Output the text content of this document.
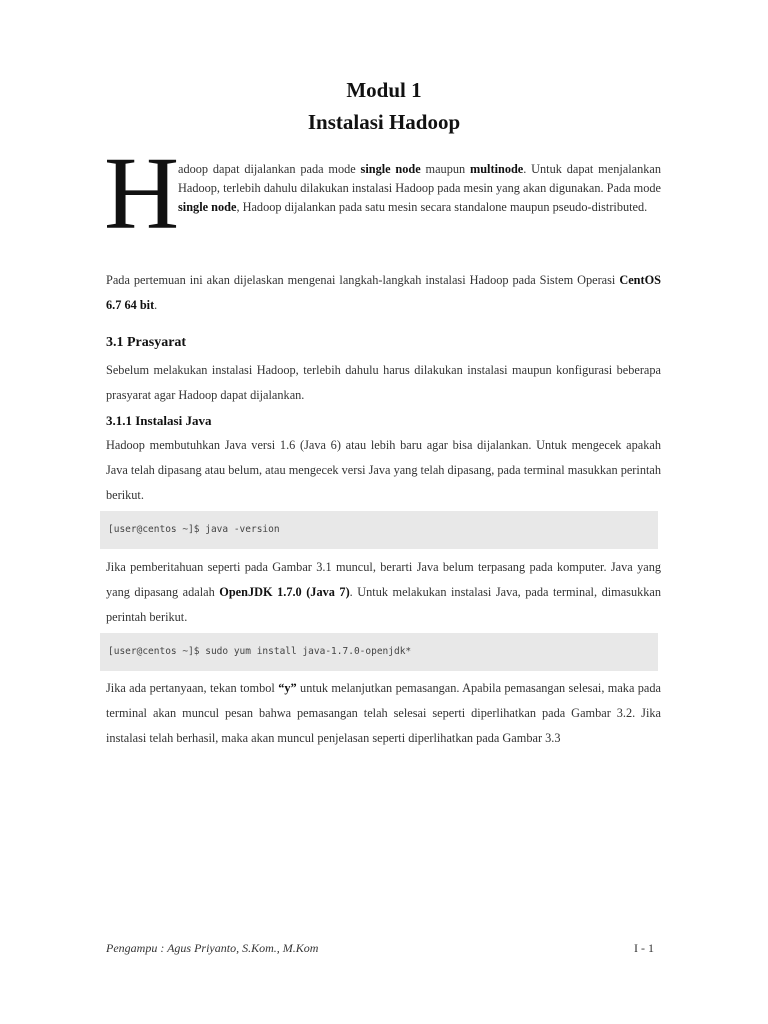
Modul 1
Instalasi Hadoop
H
adoop dapat dijalankan pada mode single node maupun multinode. Untuk dapat menjalankan Hadoop, terlebih dahulu dilakukan instalasi Hadoop pada mesin yang akan digunakan. Pada mode single node, Hadoop dijalankan pada satu mesin secara standalone maupun pseudo-distributed.
Pada pertemuan ini akan dijelaskan mengenai langkah-langkah instalasi Hadoop pada Sistem Operasi CentOS 6.7 64 bit.
3.1 Prasyarat
Sebelum melakukan instalasi Hadoop, terlebih dahulu harus dilakukan instalasi maupun konfigurasi beberapa prasyarat agar Hadoop dapat dijalankan.
3.1.1 Instalasi Java
Hadoop membutuhkan Java versi 1.6 (Java 6) atau lebih baru agar bisa dijalankan. Untuk mengecek apakah Java telah dipasang atau belum, atau mengecek versi Java yang telah dipasang, pada terminal masukkan perintah berikut.
[user@centos ~]$ java -version
Jika pemberitahuan seperti pada Gambar 3.1 muncul, berarti Java belum terpasang pada komputer. Java yang yang dipasang adalah OpenJDK 1.7.0 (Java 7). Untuk melakukan instalasi Java, pada terminal, dimasukkan perintah berikut.
[user@centos ~]$ sudo yum install java-1.7.0-openjdk*
Jika ada pertanyaan, tekan tombol “y” untuk melanjutkan pemasangan. Apabila pemasangan selesai, maka pada terminal akan muncul pesan bahwa pemasangan telah selesai seperti diperlihatkan pada Gambar 3.2. Jika instalasi telah berhasil, maka akan muncul penjelasan seperti diperlihatkan pada Gambar 3.3
Pengampu : Agus Priyanto, S.Kom., M.Kom	I - 1
